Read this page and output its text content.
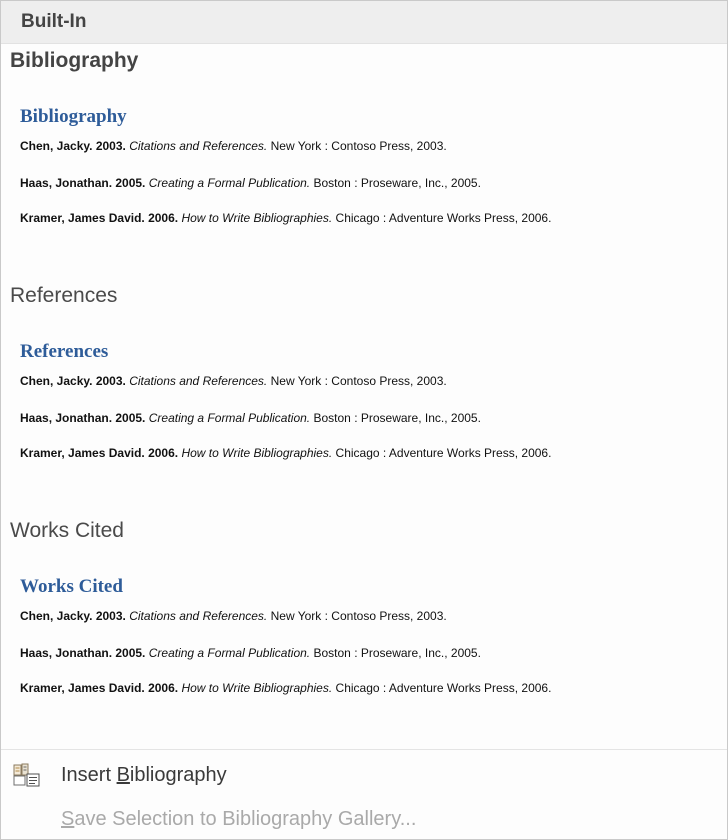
Built-In
Bibliography
Bibliography
Chen, Jacky. 2003. Citations and References. New York : Contoso Press, 2003.
Haas, Jonathan. 2005. Creating a Formal Publication. Boston : Proseware, Inc., 2005.
Kramer, James David. 2006. How to Write Bibliographies. Chicago : Adventure Works Press, 2006.
References
References
Chen, Jacky. 2003. Citations and References. New York : Contoso Press, 2003.
Haas, Jonathan. 2005. Creating a Formal Publication. Boston : Proseware, Inc., 2005.
Kramer, James David. 2006. How to Write Bibliographies. Chicago : Adventure Works Press, 2006.
Works Cited
Works Cited
Chen, Jacky. 2003. Citations and References. New York : Contoso Press, 2003.
Haas, Jonathan. 2005. Creating a Formal Publication. Boston : Proseware, Inc., 2005.
Kramer, James David. 2006. How to Write Bibliographies. Chicago : Adventure Works Press, 2006.
Insert Bibliography
Save Selection to Bibliography Gallery...
